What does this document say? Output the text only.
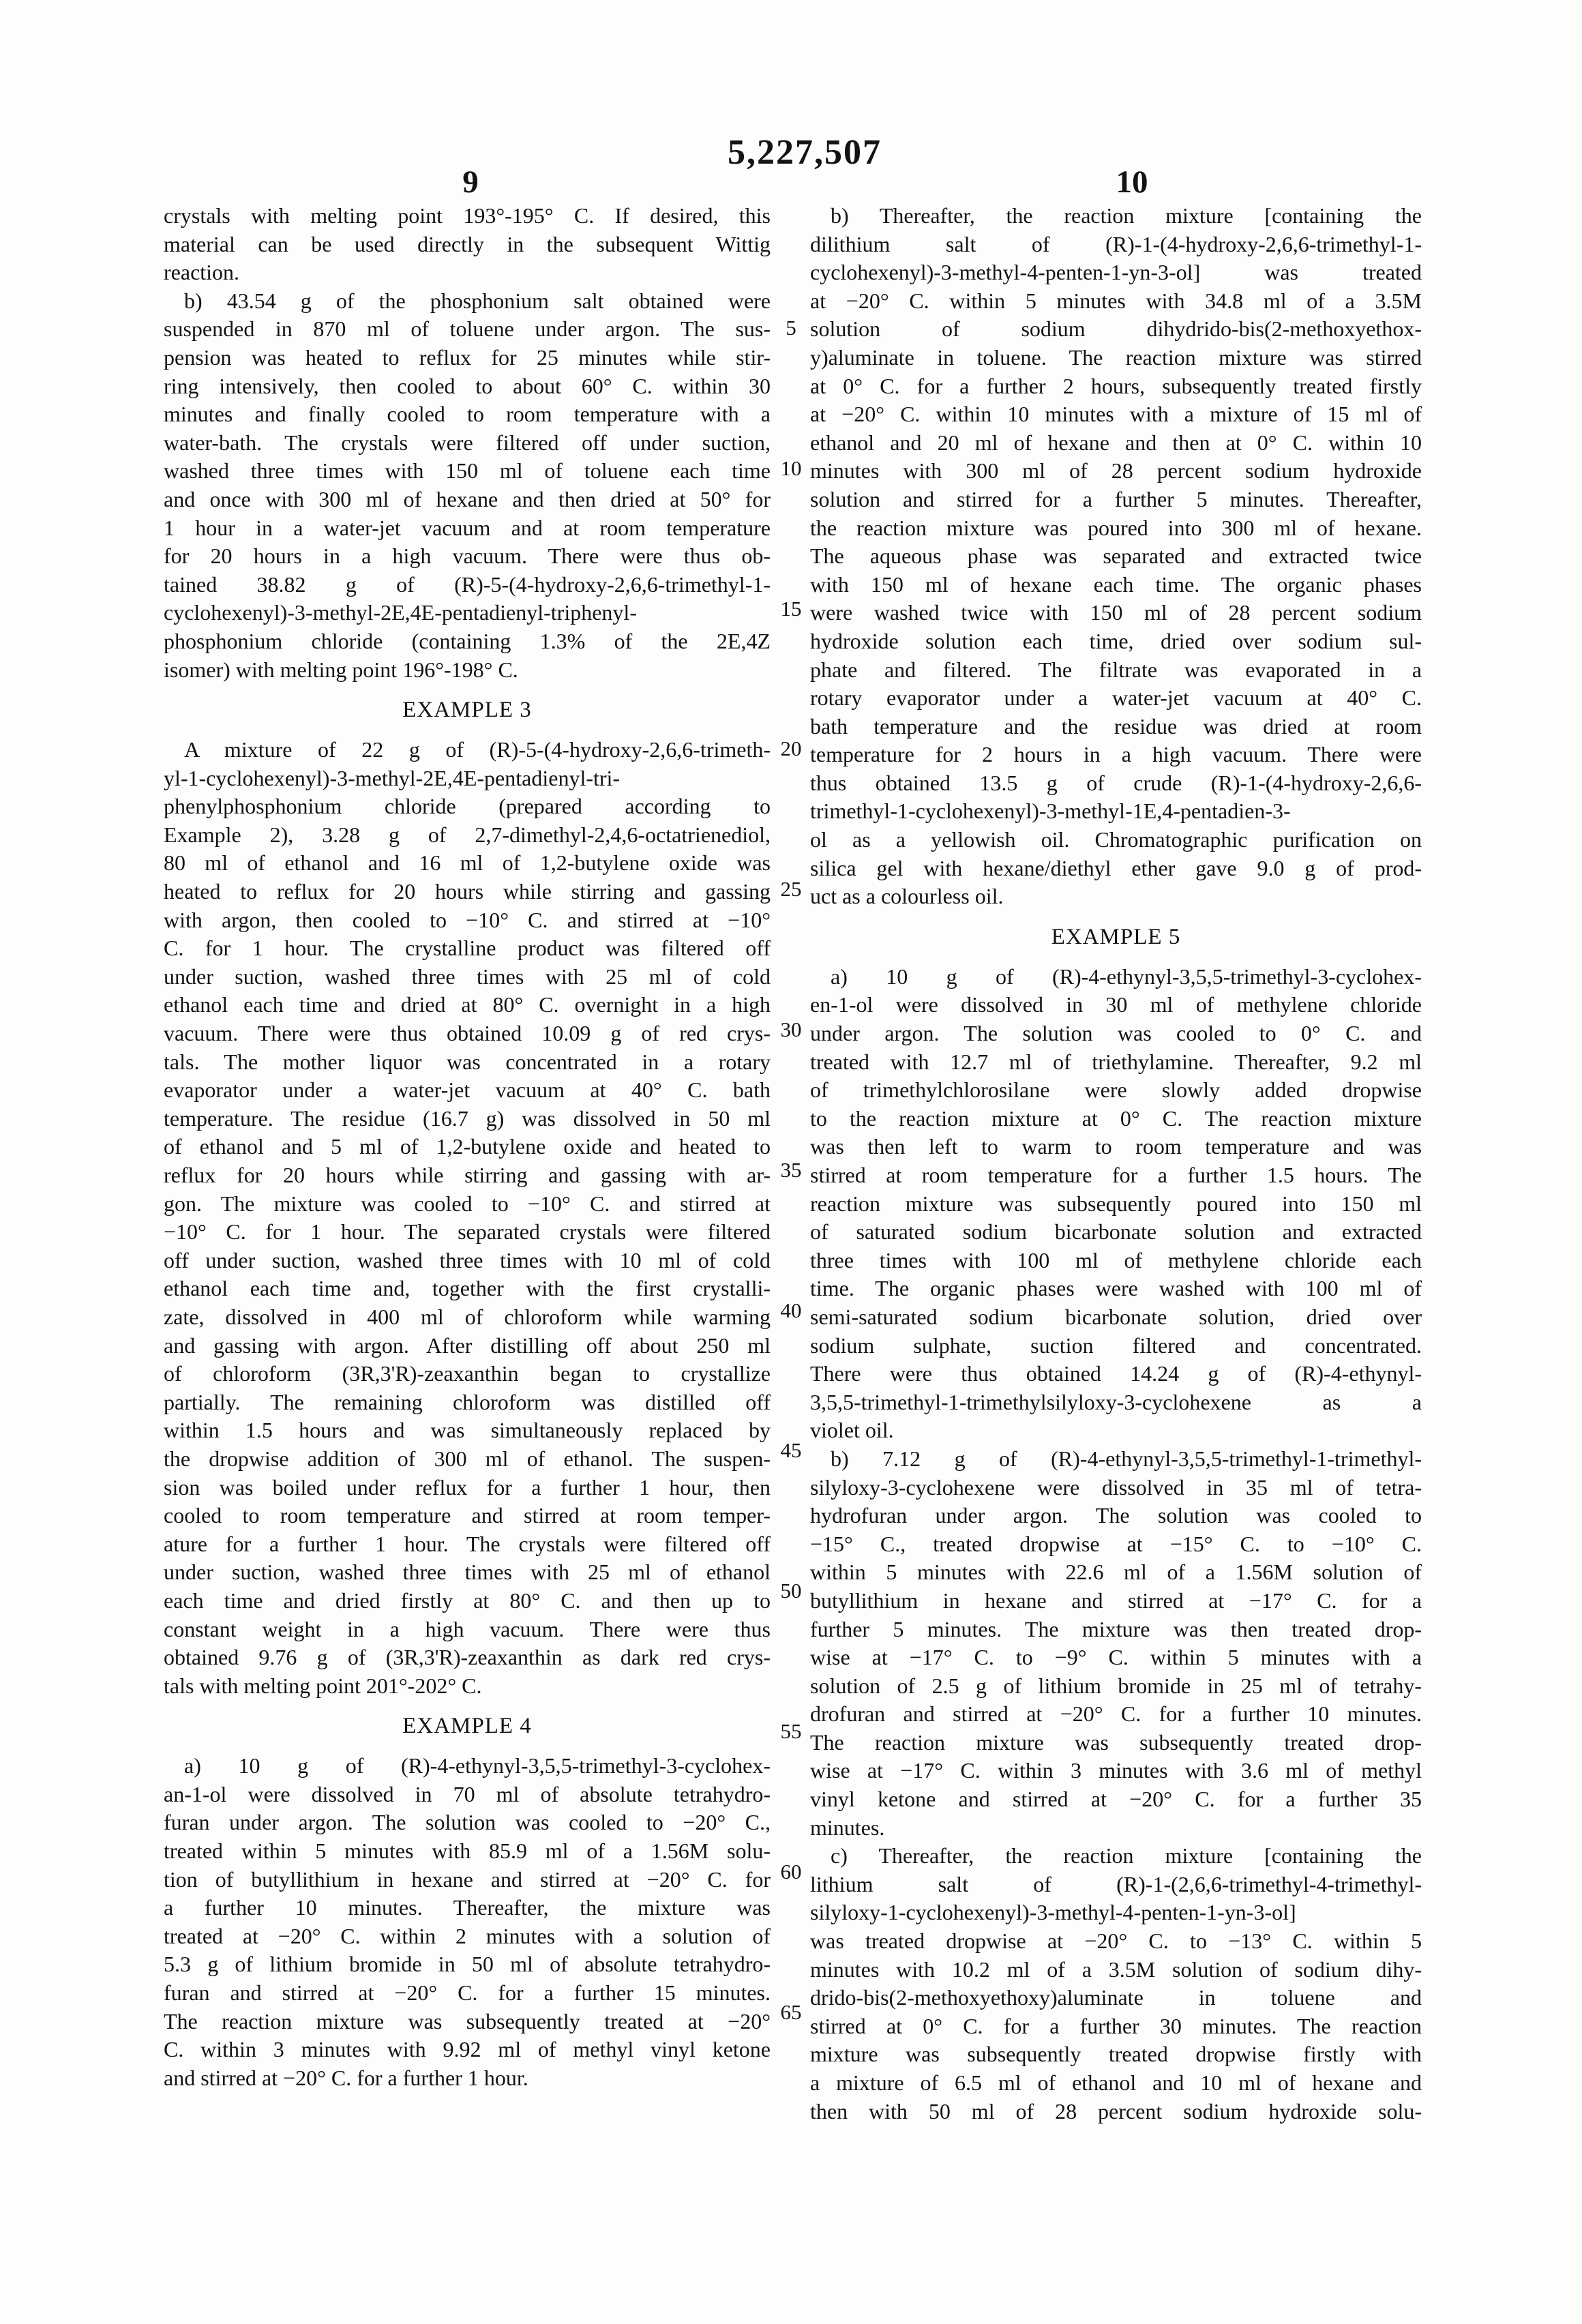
5,227,507
9	10
crystals with melting point 193°-195° C. If desired, this
material can be used directly in the subsequent Wittig
reaction.
b) 43.54 g of the phosphonium salt obtained were
suspended in 870 ml of toluene under argon. The sus-
pension was heated to reflux for 25 minutes while stir-
ring intensively, then cooled to about 60° C. within 30
minutes and finally cooled to room temperature with a
water-bath. The crystals were filtered off under suction,
washed three times with 150 ml of toluene each time
and once with 300 ml of hexane and then dried at 50° for
1 hour in a water-jet vacuum and at room temperature
for 20 hours in a high vacuum. There were thus ob-
tained 38.82 g of (R)-5-(4-hydroxy-2,6,6-trimethyl-1-
cyclohexenyl)-3-methyl-2E,4E-pentadienyl-triphenyl-
phosphonium chloride (containing 1.3% of the 2E,4Z
isomer) with melting point 196°-198° C.
EXAMPLE 3
A mixture of 22 g of (R)-5-(4-hydroxy-2,6,6-trimeth-
yl-1-cyclohexenyl)-3-methyl-2E,4E-pentadienyl-tri-
phenylphosphonium chloride (prepared according to
Example 2), 3.28 g of 2,7-dimethyl-2,4,6-octatrienediol,
80 ml of ethanol and 16 ml of 1,2-butylene oxide was
heated to reflux for 20 hours while stirring and gassing
with argon, then cooled to −10° C. and stirred at −10°
C. for 1 hour. The crystalline product was filtered off
under suction, washed three times with 25 ml of cold
ethanol each time and dried at 80° C. overnight in a high
vacuum. There were thus obtained 10.09 g of red crys-
tals. The mother liquor was concentrated in a rotary
evaporator under a water-jet vacuum at 40° C. bath
temperature. The residue (16.7 g) was dissolved in 50 ml
of ethanol and 5 ml of 1,2-butylene oxide and heated to
reflux for 20 hours while stirring and gassing with ar-
gon. The mixture was cooled to −10° C. and stirred at
−10° C. for 1 hour. The separated crystals were filtered
off under suction, washed three times with 10 ml of cold
ethanol each time and, together with the first crystalli-
zate, dissolved in 400 ml of chloroform while warming
and gassing with argon. After distilling off about 250 ml
of chloroform (3R,3'R)-zeaxanthin began to crystallize
partially. The remaining chloroform was distilled off
within 1.5 hours and was simultaneously replaced by
the dropwise addition of 300 ml of ethanol. The suspen-
sion was boiled under reflux for a further 1 hour, then
cooled to room temperature and stirred at room temper-
ature for a further 1 hour. The crystals were filtered off
under suction, washed three times with 25 ml of ethanol
each time and dried firstly at 80° C. and then up to
constant weight in a high vacuum. There were thus
obtained 9.76 g of (3R,3'R)-zeaxanthin as dark red crys-
tals with melting point 201°-202° C.
EXAMPLE 4
a) 10 g of (R)-4-ethynyl-3,5,5-trimethyl-3-cyclohex-
an-1-ol were dissolved in 70 ml of absolute tetrahydro-
furan under argon. The solution was cooled to −20° C.,
treated within 5 minutes with 85.9 ml of a 1.56M solu-
tion of butyllithium in hexane and stirred at −20° C. for
a further 10 minutes. Thereafter, the mixture was
treated at −20° C. within 2 minutes with a solution of
5.3 g of lithium bromide in 50 ml of absolute tetrahydro-
furan and stirred at −20° C. for a further 15 minutes.
The reaction mixture was subsequently treated at −20°
C. within 3 minutes with 9.92 ml of methyl vinyl ketone
and stirred at −20° C. for a further 1 hour.
b) Thereafter, the reaction mixture [containing the
dilithium salt of (R)-1-(4-hydroxy-2,6,6-trimethyl-1-
cyclohexenyl)-3-methyl-4-penten-1-yn-3-ol] was treated
at −20° C. within 5 minutes with 34.8 ml of a 3.5M
solution of sodium dihydrido-bis(2-methoxyethox-
y)aluminate in toluene. The reaction mixture was stirred
at 0° C. for a further 2 hours, subsequently treated firstly
at −20° C. within 10 minutes with a mixture of 15 ml of
ethanol and 20 ml of hexane and then at 0° C. within 10
minutes with 300 ml of 28 percent sodium hydroxide
solution and stirred for a further 5 minutes. Thereafter,
the reaction mixture was poured into 300 ml of hexane.
The aqueous phase was separated and extracted twice
with 150 ml of hexane each time. The organic phases
were washed twice with 150 ml of 28 percent sodium
hydroxide solution each time, dried over sodium sul-
phate and filtered. The filtrate was evaporated in a
rotary evaporator under a water-jet vacuum at 40° C.
bath temperature and the residue was dried at room
temperature for 2 hours in a high vacuum. There were
thus obtained 13.5 g of crude (R)-1-(4-hydroxy-2,6,6-
trimethyl-1-cyclohexenyl)-3-methyl-1E,4-pentadien-3-
ol as a yellowish oil. Chromatographic purification on
silica gel with hexane/diethyl ether gave 9.0 g of prod-
uct as a colourless oil.
EXAMPLE 5
a) 10 g of (R)-4-ethynyl-3,5,5-trimethyl-3-cyclohex-
en-1-ol were dissolved in 30 ml of methylene chloride
under argon. The solution was cooled to 0° C. and
treated with 12.7 ml of triethylamine. Thereafter, 9.2 ml
of trimethylchlorosilane were slowly added dropwise
to the reaction mixture at 0° C. The reaction mixture
was then left to warm to room temperature and was
stirred at room temperature for a further 1.5 hours. The
reaction mixture was subsequently poured into 150 ml
of saturated sodium bicarbonate solution and extracted
three times with 100 ml of methylene chloride each
time. The organic phases were washed with 100 ml of
semi-saturated sodium bicarbonate solution, dried over
sodium sulphate, suction filtered and concentrated.
There were thus obtained 14.24 g of (R)-4-ethynyl-
3,5,5-trimethyl-1-trimethylsilyloxy-3-cyclohexene as a
violet oil.
b) 7.12 g of (R)-4-ethynyl-3,5,5-trimethyl-1-trimethyl-
silyloxy-3-cyclohexene were dissolved in 35 ml of tetra-
hydrofuran under argon. The solution was cooled to
−15° C., treated dropwise at −15° C. to −10° C.
within 5 minutes with 22.6 ml of a 1.56M solution of
butyllithium in hexane and stirred at −17° C. for a
further 5 minutes. The mixture was then treated drop-
wise at −17° C. to −9° C. within 5 minutes with a
solution of 2.5 g of lithium bromide in 25 ml of tetrahy-
drofuran and stirred at −20° C. for a further 10 minutes.
The reaction mixture was subsequently treated drop-
wise at −17° C. within 3 minutes with 3.6 ml of methyl
vinyl ketone and stirred at −20° C. for a further 35
minutes.
c) Thereafter, the reaction mixture [containing the
lithium salt of (R)-1-(2,6,6-trimethyl-4-trimethyl-
silyloxy-1-cyclohexenyl)-3-methyl-4-penten-1-yn-3-ol]
was treated dropwise at −20° C. to −13° C. within 5
minutes with 10.2 ml of a 3.5M solution of sodium dihy-
drido-bis(2-methoxyethoxy)aluminate in toluene and
stirred at 0° C. for a further 30 minutes. The reaction
mixture was subsequently treated dropwise firstly with
a mixture of 6.5 ml of ethanol and 10 ml of hexane and
then with 50 ml of 28 percent sodium hydroxide solu-
5
10
15
20
25
30
35
40
45
50
55
60
65
